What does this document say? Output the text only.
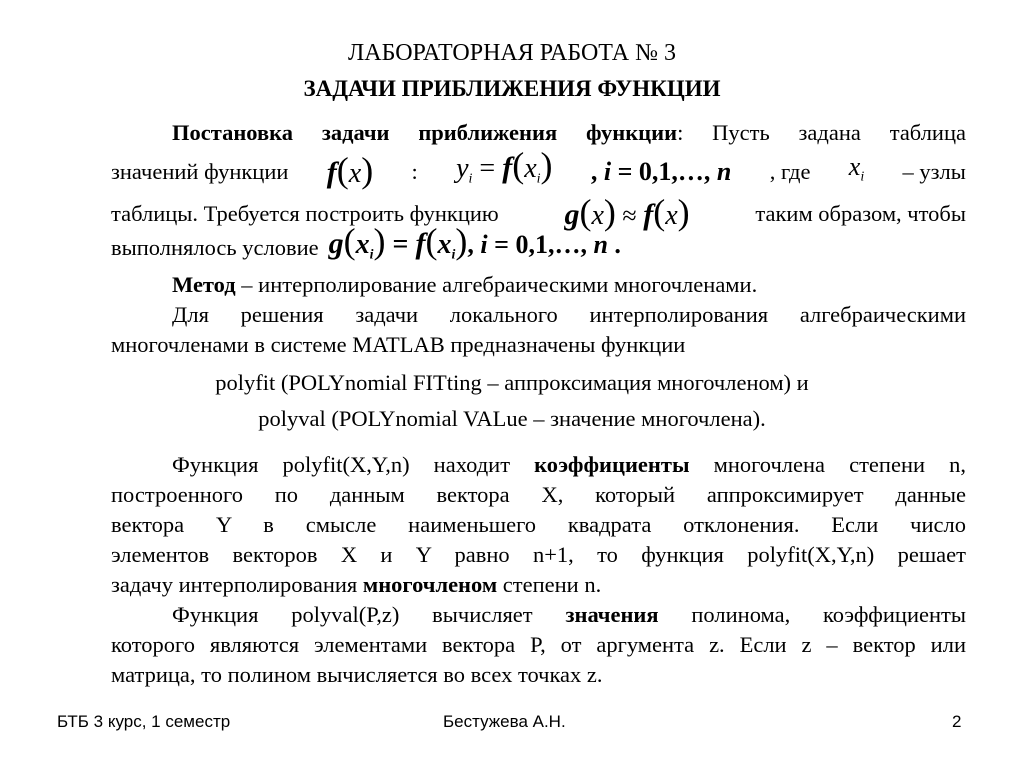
ЛАБОРАТОРНАЯ РАБОТА № 3
ЗАДАЧИ ПРИБЛИЖЕНИЯ ФУНКЦИИ
Постановка задачи приближения функции: Пусть задана таблица
значений функции f(x) : $y_i = f(x_i)$ , i = 0,1,…, n , где $x_i$ – узлы
таблицы. Требуется построить функцию g(x) ≈ f(x)	таким образом, чтобы
выполнялось условие $g(x_i) = f(x_i)$, i = 0,1,…, n .
Метод – интерполирование алгебраическими многочленами.
Для решения задачи локального интерполирования алгебраическими
многочленами в системе MATLAB предназначены функции
polyfit (POLYnomial FITting – аппроксимация многочленом) и
polyval (POLYnomial VALue – значение многочлена).
Функция polyfit(X,Y,n) находит коэффициенты многочлена степени n,
построенного по данным вектора X, который аппроксимирует данные
вектора Y в смысле наименьшего квадрата отклонения. Если число
элементов векторов X и Y равно n+1, то функция polyfit(X,Y,n) решает
задачу интерполирования многочленом степени n.
Функция polyval(P,z) вычисляет значения полинома, коэффициенты
которого являются элементами вектора P, от аргумента z. Если z – вектор или
матрица, то полином вычисляется во всех точках z.
БТБ 3 курс, 1 семестр	Бестужева А.Н.	2
